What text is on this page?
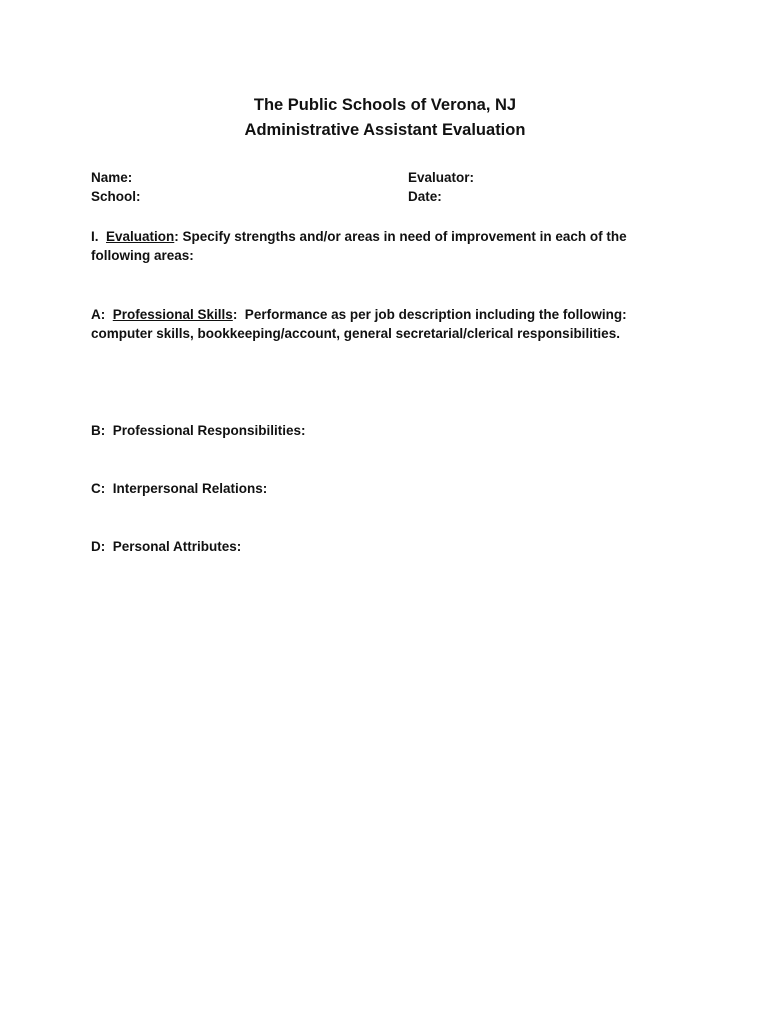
The Public Schools of Verona, NJ
Administrative Assistant Evaluation
Name:
School:
Evaluator:
Date:
I.  Evaluation: Specify strengths and/or areas in need of improvement in each of the
following areas:
A:  Professional Skills:  Performance as per job description including the following:
computer skills, bookkeeping/account, general secretarial/clerical responsibilities.
B:  Professional Responsibilities:
C:  Interpersonal Relations:
D:  Personal Attributes:
